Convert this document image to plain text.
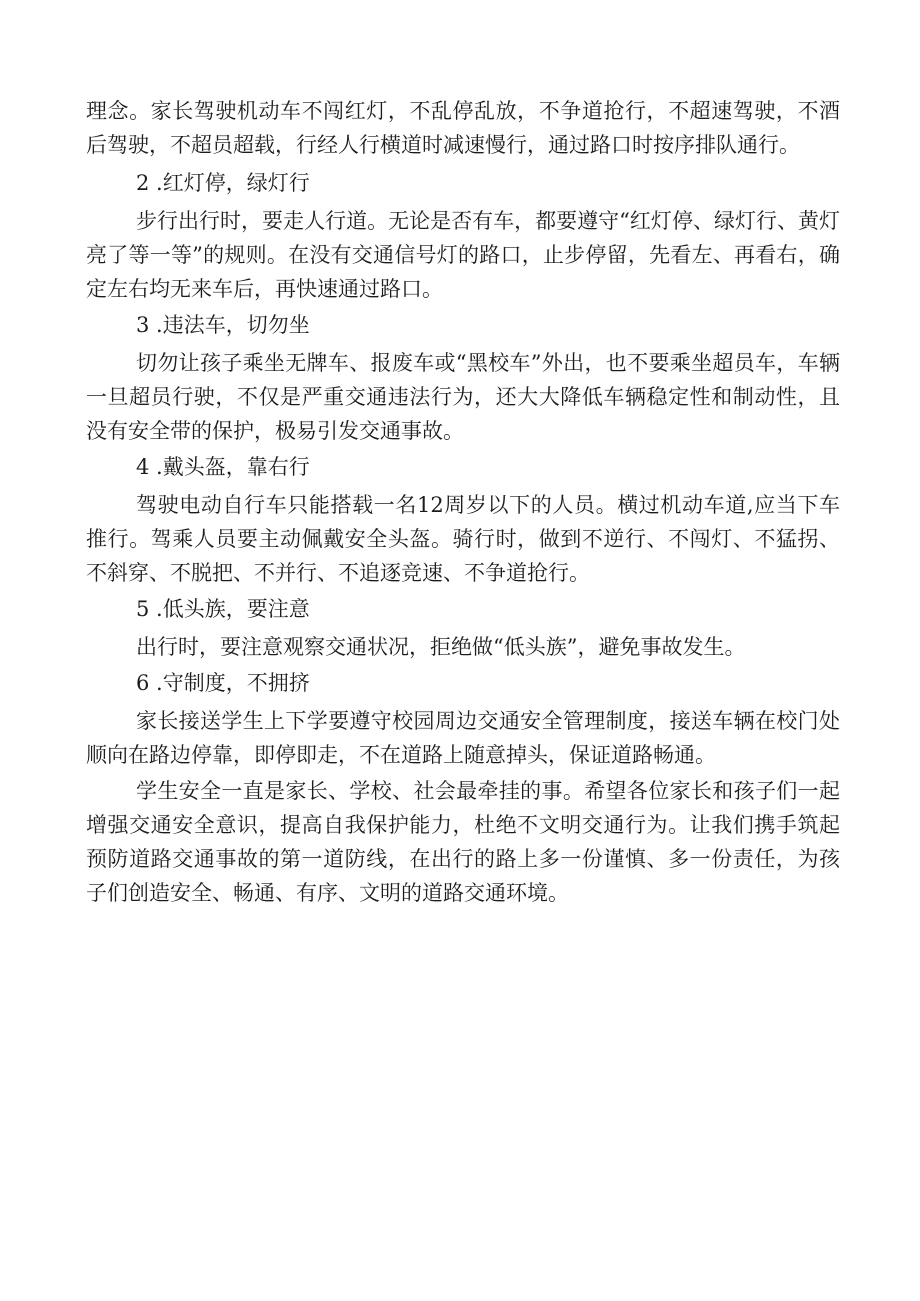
理念。家长驾驶机动车不闯红灯，不乱停乱放，不争道抢行，不超速驾驶，不酒后驾驶，不超员超载，行经人行横道时减速慢行，通过路口时按序排队通行。

2 .红灯停，绿灯行

步行出行时，要走人行道。无论是否有车，都要遵守“红灯停、绿灯行、黄灯亮了等一等”的规则。在没有交通信号灯的路口，止步停留，先看左、再看右，确定左右均无来车后，再快速通过路口。

3 .违法车，切勿坐

切勿让孩子乘坐无牌车、报废车或“黑校车”外出，也不要乘坐超员车，车辆一旦超员行驶，不仅是严重交通违法行为，还大大降低车辆稳定性和制动性，且没有安全带的保护，极易引发交通事故。

4 .戴头盔，靠右行

驾驶电动自行车只能搭载一名12周岁以下的人员。横过机动车道,应当下车推行。驾乘人员要主动佩戴安全头盔。骑行时，做到不逆行、不闯灯、不猛拐、不斜穿、不脱把、不并行、不追逐竞速、不争道抢行。

5 .低头族，要注意

出行时，要注意观察交通状况，拒绝做“低头族”，避免事故发生。

6 .守制度，不拥挤

家长接送学生上下学要遵守校园周边交通安全管理制度，接送车辆在校门处顺向在路边停靠，即停即走，不在道路上随意掉头，保证道路畅通。

学生安全一直是家长、学校、社会最牵挂的事。希望各位家长和孩子们一起增强交通安全意识，提高自我保护能力，杜绝不文明交通行为。让我们携手筑起预防道路交通事故的第一道防线，在出行的路上多一份谨慎、多一份责任，为孩子们创造安全、畅通、有序、文明的道路交通环境。
